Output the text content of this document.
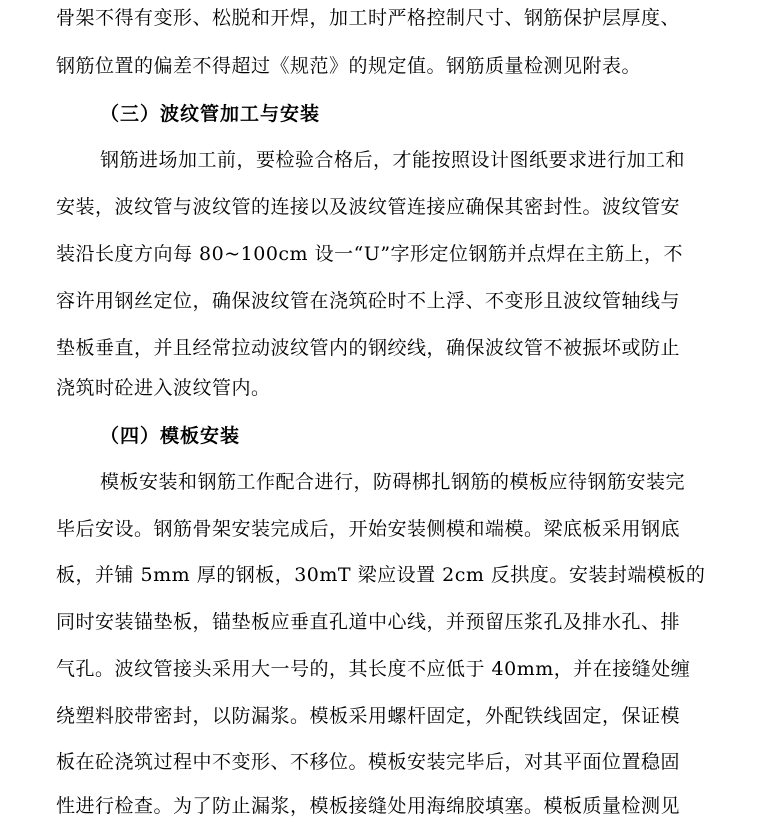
骨架不得有变形、松脱和开焊，加工时严格控制尺寸、钢筋保护层厚度、
钢筋位置的偏差不得超过《规范》的规定值。钢筋质量检测见附表。
（三）波纹管加工与安装
钢筋进场加工前，要检验合格后，才能按照设计图纸要求进行加工和
安装，波纹管与波纹管的连接以及波纹管连接应确保其密封性。波纹管安
装沿长度方向每 80~100cm 设一“U”字形定位钢筋并点焊在主筋上，不
容许用钢丝定位，确保波纹管在浇筑砼时不上浮、不变形且波纹管轴线与
垫板垂直，并且经常拉动波纹管内的钢绞线，确保波纹管不被振坏或防止
浇筑时砼进入波纹管内。
（四）模板安装
模板安装和钢筋工作配合进行，防碍梆扎钢筋的模板应待钢筋安装完
毕后安设。钢筋骨架安装完成后，开始安装侧模和端模。梁底板采用钢底
板，并铺 5mm 厚的钢板，30mT 梁应设置 2cm 反拱度。安装封端模板的
同时安装锚垫板，锚垫板应垂直孔道中心线，并预留压浆孔及排水孔、排
气孔。波纹管接头采用大一号的，其长度不应低于 40mm，并在接缝处缠
绕塑料胶带密封，以防漏浆。模板采用螺杆固定，外配铁线固定，保证模
板在砼浇筑过程中不变形、不移位。模板安装完毕后，对其平面位置稳固
性进行检查。为了防止漏浆，模板接缝处用海绵胶填塞。模板质量检测见
